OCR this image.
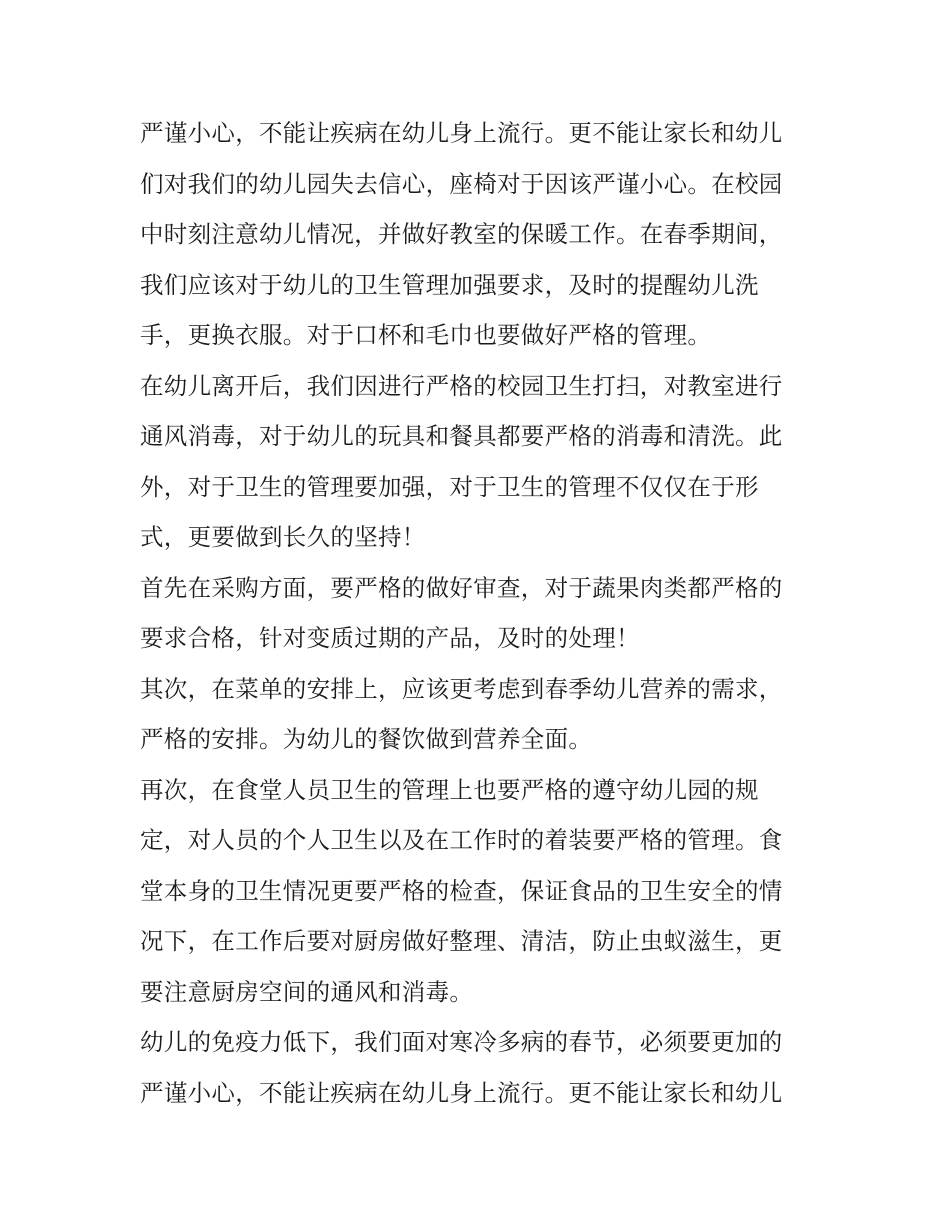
严谨小心，不能让疾病在幼儿身上流行。更不能让家长和幼儿
们对我们的幼儿园失去信心，座椅对于因该严谨小心。在校园
中时刻注意幼儿情况，并做好教室的保暖工作。在春季期间，
我们应该对于幼儿的卫生管理加强要求，及时的提醒幼儿洗
手，更换衣服。对于口杯和毛巾也要做好严格的管理。
在幼儿离开后，我们因进行严格的校园卫生打扫，对教室进行
通风消毒，对于幼儿的玩具和餐具都要严格的消毒和清洗。此
外，对于卫生的管理要加强，对于卫生的管理不仅仅在于形
式，更要做到长久的坚持！
首先在采购方面，要严格的做好审查，对于蔬果肉类都严格的
要求合格，针对变质过期的产品，及时的处理！
其次，在菜单的安排上，应该更考虑到春季幼儿营养的需求，
严格的安排。为幼儿的餐饮做到营养全面。
再次，在食堂人员卫生的管理上也要严格的遵守幼儿园的规
定，对人员的个人卫生以及在工作时的着装要严格的管理。食
堂本身的卫生情况更要严格的检查，保证食品的卫生安全的情
况下，在工作后要对厨房做好整理、清洁，防止虫蚁滋生，更
要注意厨房空间的通风和消毒。
幼儿的免疫力低下，我们面对寒冷多病的春节，必须要更加的
严谨小心，不能让疾病在幼儿身上流行。更不能让家长和幼儿
